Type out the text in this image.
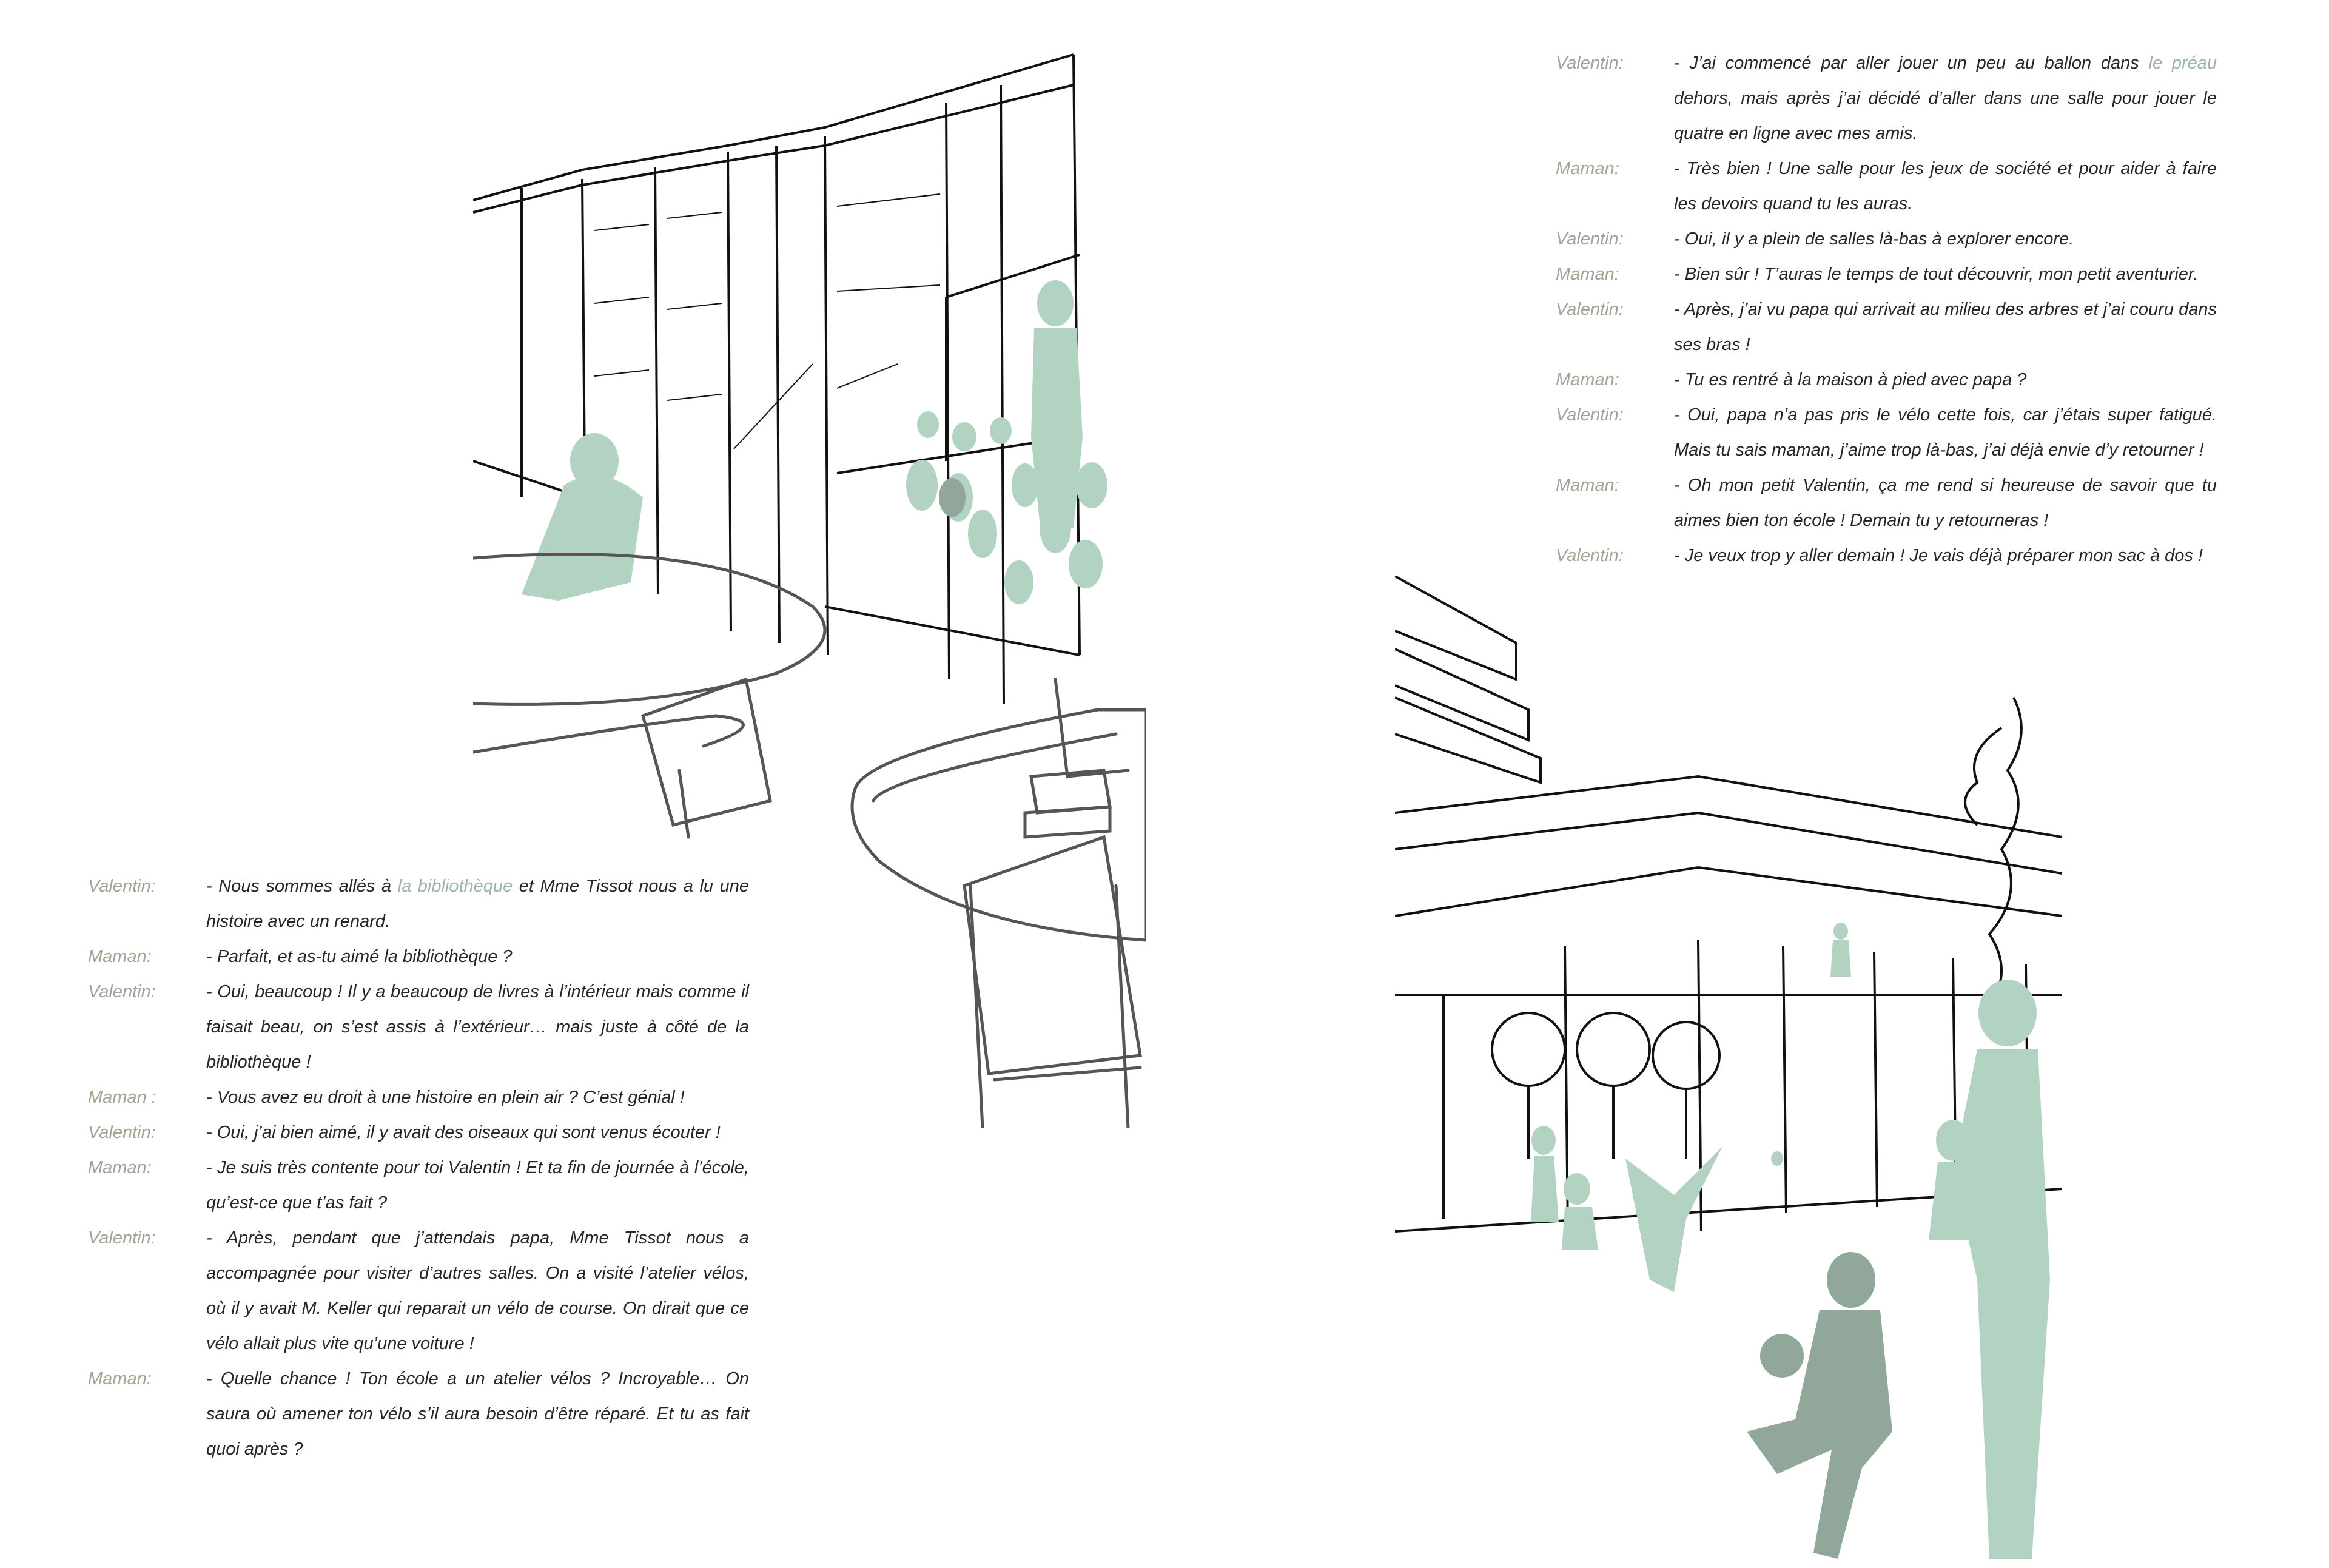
Valentin:	- Nous sommes allés à la bibliothèque et Mme Tissot nous a lu une histoire avec un renard.

Maman:	- Parfait, et as-tu aimé la bibliothèque ?

Valentin:	- Oui, beaucoup ! Il y a beaucoup de livres à l’intérieur mais comme il faisait beau, on s’est assis à l’extérieur… mais juste à côté de la bibliothèque !

Maman :	- Vous avez eu droit à une histoire en plein air ? C’est génial !

Valentin:	- Oui, j’ai bien aimé, il y avait des oiseaux qui sont venus écouter !

Maman:	- Je suis très contente pour toi Valentin ! Et ta fin de journée à l’école, qu’est-ce que t’as fait ?

Valentin:	- Après, pendant que j’attendais papa, Mme Tissot nous a accompagnée pour visiter d’autres salles. On a visité l’atelier vélos, où il y avait M. Keller qui reparait un vélo de course. On dirait que ce vélo allait plus vite qu’une voiture !

Maman:	- Quelle chance ! Ton école a un atelier vélos ? Incroyable… On saura où amener ton vélo s’il aura besoin d’être réparé. Et tu as fait quoi après ?

Valentin:	- J’ai commencé par aller jouer un peu au ballon dans le préau dehors, mais après j’ai décidé d’aller dans une salle pour jouer le quatre en ligne avec mes amis.

Maman:	- Très bien ! Une salle pour les jeux de société et pour aider à faire les devoirs quand tu les auras.

Valentin:	- Oui, il y a plein de salles là-bas à explorer encore.

Maman:	- Bien sûr ! T’auras le temps de tout découvrir, mon petit aventurier.

Valentin:	- Après, j’ai vu papa qui arrivait au milieu des arbres et j’ai couru dans ses bras !

Maman:	- Tu es rentré à la maison à pied avec papa ?

Valentin:	- Oui, papa n’a pas pris le vélo cette fois, car j’étais super fatigué. Mais tu sais maman, j’aime trop là-bas, j’ai déjà envie d’y retourner !

Maman:	- Oh mon petit Valentin, ça me rend si heureuse de savoir que tu aimes bien ton école ! Demain tu y retourneras !

Valentin:	- Je veux trop y aller demain ! Je vais déjà préparer mon sac à dos !
